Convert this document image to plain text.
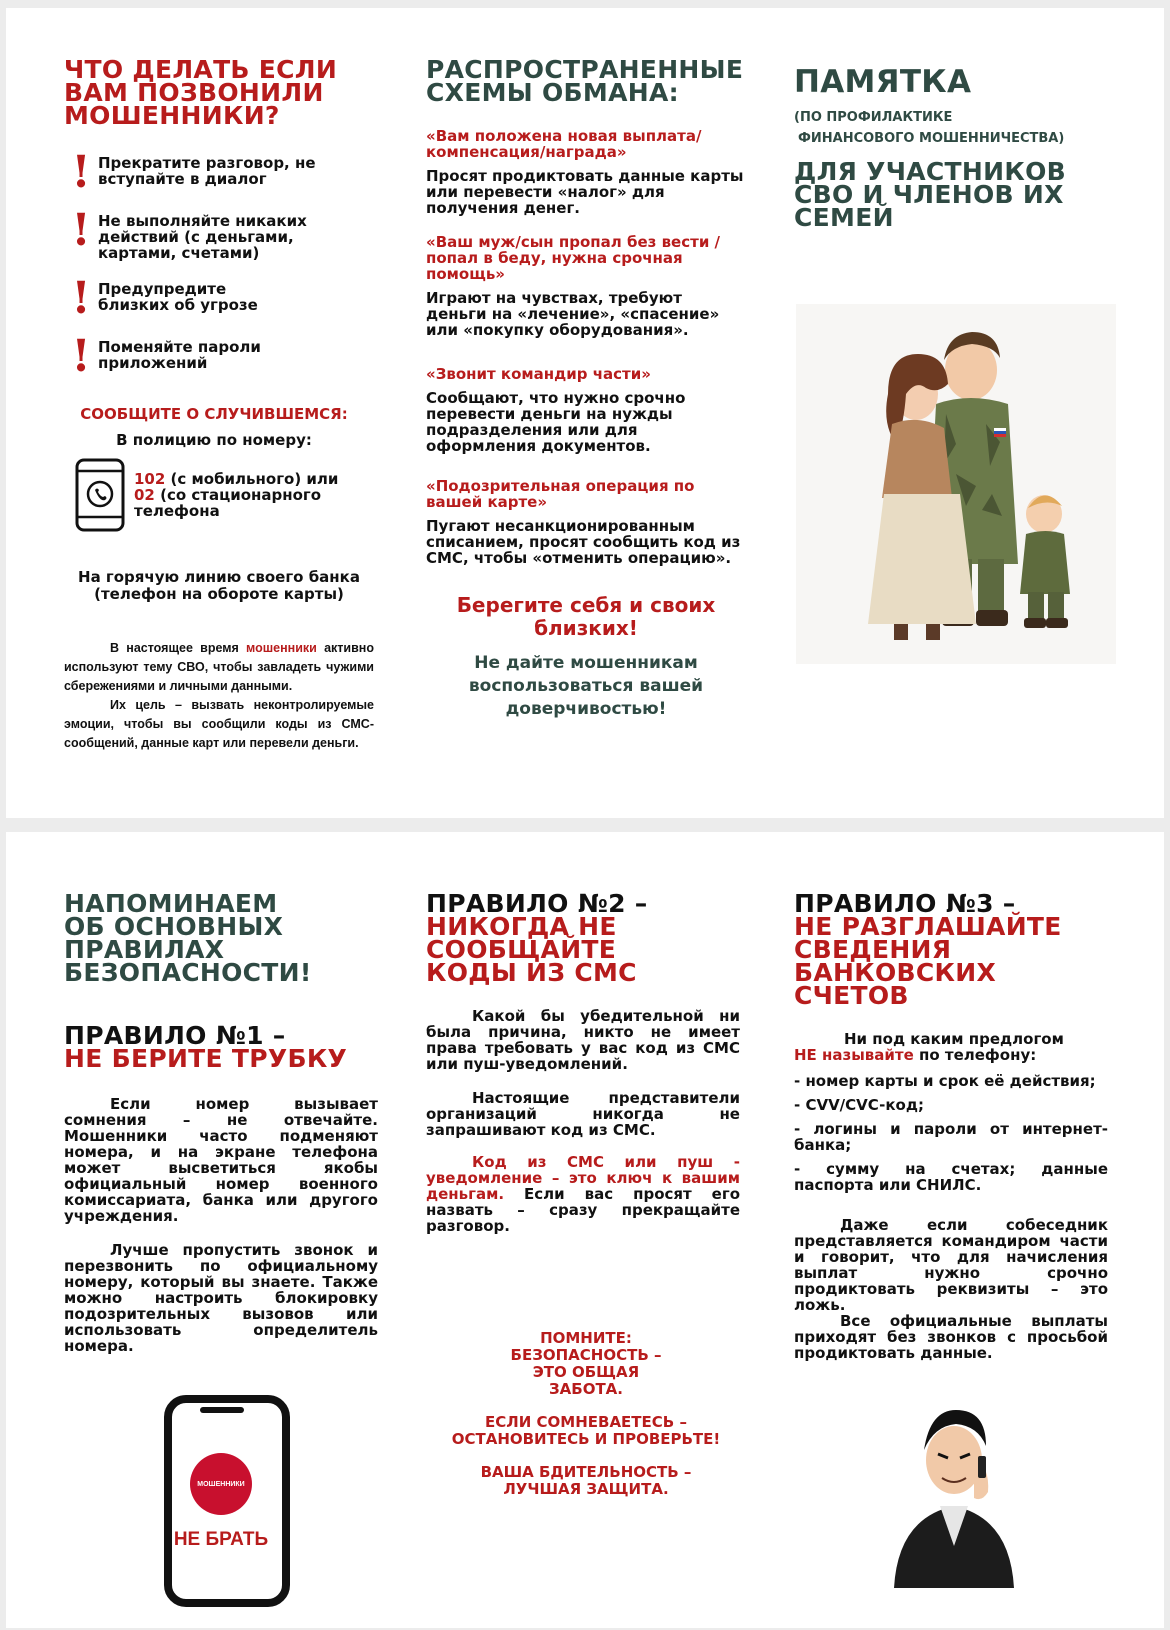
ЧТО ДЕЛАТЬ ЕСЛИ ВАМ ПОЗВОНИЛИ МОШЕННИКИ?
! Прекратите разговор, не вступайте в диалог
! Не выполняйте никаких действий (с деньгами, картами, счетами)
! Предупредите близких об угрозе
! Поменяйте пароли приложений
СООБЩИТЕ О СЛУЧИВШЕМСЯ:
В полицию по номеру:
102 (с мобильного) или
02 (со стационарного телефона
На горячую линию своего банка (телефон на обороте карты)
В настоящее время мошенники активно используют тему СВО, чтобы завладеть чужими сбережениями и личными данными.
Их цель – вызвать неконтролируемые эмоции, чтобы вы сообщили коды из СМС-сообщений, данные карт или перевели деньги.
РАСПРОСТРАНЕННЫЕ СХЕМЫ ОБМАНА:

«Вам положена новая выплата/компенсация/награда»

Просят продиктовать данные карты или перевести «налог» для получения денег.

«Ваш муж/сын пропал без вести / попал в беду, нужна срочная помощь»

Играют на чувствах, требуют деньги на «лечение», «спасение» или «покупку оборудования».

«Звонит командир части»

Сообщают, что нужно срочно перевести деньги на нужды подразделения или для оформления документов.

«Подозрительная операция по вашей карте»

Пугают несанкционированным списанием, просят сообщить код из СМС, чтобы «отменить операцию».

Берегите себя и своих близких!
Не дайте мошенникам воспользоваться вашей доверчивостью!
ПАМЯТКА
(ПО ПРОФИЛАКТИКЕ
ФИНАНСОВОГО МОШЕННИЧЕСТВА)
ДЛЯ УЧАСТНИКОВ СВО И ЧЛЕНОВ ИХ СЕМЕЙ
НАПОМИНАЕМ ОБ ОСНОВНЫХ ПРАВИЛАХ БЕЗОПАСНОСТИ!
ПРАВИЛО №1 –
НЕ БЕРИТЕ ТРУБКУ
Если номер вызывает сомнения – не отвечайте. Мошенники часто подменяют номера, и на экране телефона может высветиться якобы официальный номер военного комиссариата, банка или другого учреждения.
Лучше пропустить звонок и перезвонить по официальному номеру, который вы знаете. Также можно настроить блокировку подозрительных вызовов или использовать определитель номера.
МОШЕННИКИ
НЕ БРАТЬ
ПРАВИЛО №2 –
НИКОГДА НЕ СООБЩАЙТЕ КОДЫ ИЗ СМС
Какой бы убедительной ни была причина, никто не имеет права требовать у вас код из СМС или пуш-уведомлений.
Настоящие представители организаций никогда не запрашивают код из СМС.
Код из СМС или пуш - уведомление – это ключ к вашим деньгам. Если вас просят его назвать – сразу прекращайте разговор.
ПОМНИТЕ: БЕЗОПАСНОСТЬ – ЭТО ОБЩАЯ ЗАБОТА.
ЕСЛИ СОМНЕВАЕТЕСЬ – ОСТАНОВИТЕСЬ И ПРОВЕРЬТЕ!
ВАША БДИТЕЛЬНОСТЬ – ЛУЧШАЯ ЗАЩИТА.
ПРАВИЛО №3 –
НЕ РАЗГЛАШАЙТЕ СВЕДЕНИЯ БАНКОВСКИХ СЧЕТОВ
Ни под каким предлогом
НЕ называйте по телефону:
- номер карты и срок её действия;
- CVV/CVC-код;
- логины и пароли от интернет-банка;
- сумму на счетах; данные паспорта или СНИЛС.
Даже если собеседник представляется командиром части и говорит, что для начисления выплат нужно срочно продиктовать реквизиты – это ложь.
Все официальные выплаты приходят без звонков с просьбой продиктовать данные.
